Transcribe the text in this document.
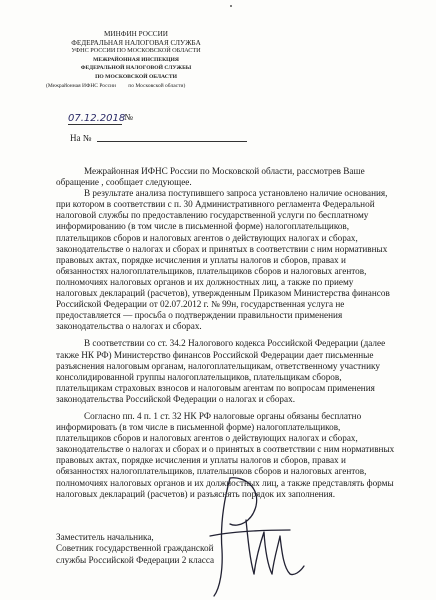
МИНФИН РОССИИ
ФЕДЕРАЛЬНАЯ НАЛОГОВАЯ СЛУЖБА
УФНС РОССИИ ПО МОСКОВСКОЙ ОБЛАСТИ
МЕЖРАЙОННАЯ ИНСПЕКЦИЯ
ФЕДЕРАЛЬНОЙ НАЛОГОВОЙ СЛУЖБЫ
ПО МОСКОВСКОЙ ОБЛАСТИ
(Межрайонная ИФНС России по Московской области)
07.12.2018 №
На №
Межрайонная ИФНС России по Московской области, рассмотрев Ваше
обращение , сообщает следующее.
В результате анализа поступившего запроса установлено наличие основания,
при котором в соответствии с п. 30 Административного регламента Федеральной
налоговой службы по предоставлению государственной услуги по бесплатному
информированию (в том числе в письменной форме) налогоплательщиков,
плательщиков сборов и налоговых агентов о действующих налогах и сборах,
законодательстве о налогах и сборах и принятых в соответствии с ним нормативных
правовых актах, порядке исчисления и уплаты налогов и сборов, правах и
обязанностях налогоплательщиков, плательщиков сборов и налоговых агентов,
полномочиях налоговых органов и их должностных лиц, а также по приему
налоговых деклараций (расчетов), утвержденным Приказом Министерства финансов
Российской Федерации от 02.07.2012 г. № 99н, государственная услуга не
предоставляется — просьба о подтверждении правильности применения
законодательства о налогах и сборах.
В соответствии со ст. 34.2 Налогового кодекса Российской Федерации (далее
также НК РФ) Министерство финансов Российской Федерации дает письменные
разъяснения налоговым органам, налогоплательщикам, ответственному участнику
консолидированной группы налогоплательщиков, плательщикам сборов,
плательщикам страховых взносов и налоговым агентам по вопросам применения
законодательства Российской Федерации о налогах и сборах.
Согласно пп. 4 п. 1 ст. 32 НК РФ налоговые органы обязаны бесплатно
информировать (в том числе в письменной форме) налогоплательщиков,
плательщиков сборов и налоговых агентов о действующих налогах и сборах,
законодательстве о налогах и сборах и о принятых в соответствии с ним нормативных
правовых актах, порядке исчисления и уплаты налогов и сборов, правах и
обязанностях налогоплательщиков, плательщиков сборов и налоговых агентов,
полномочиях налоговых органов и их должностных лиц, а также представлять формы
налоговых деклараций (расчетов) и разъяснять порядок их заполнения.
Заместитель начальника,
Советник государственной гражданской
службы Российской Федерации 2 класса
